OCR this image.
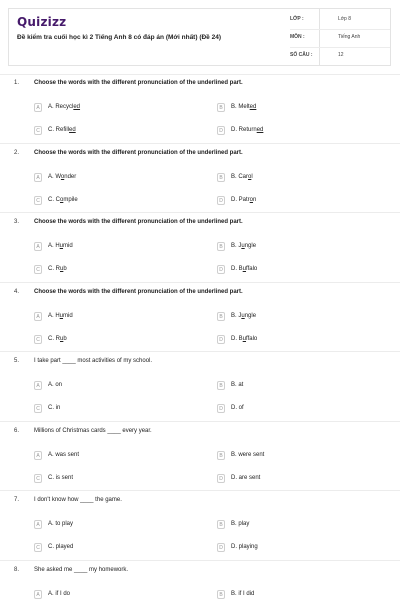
Quizizz
Đề kiểm tra cuối học kì 2 Tiếng Anh 8 có đáp án (Mới nhất) (Đề 24)
LỚP :	Lớp 8
MÔN :	Tiếng Anh
SỐ CÂU :	12
1. Choose the words with the different pronunciation of the underlined part.
A	A. Recycled	B	B. Melted
C	C. Refilled	D	D. Returned
2. Choose the words with the different pronunciation of the underlined part.
A	A. Wonder	B	B. Carol
C	C. Compile	D	D. Patron
3. Choose the words with the different pronunciation of the underlined part.
A	A. Humid	B	B. Jungle
C	C. Rub	D	D. Buffalo
4. Choose the words with the different pronunciation of the underlined part.
A	A. Humid	B	B. Jungle
C	C. Rub	D	D. Buffalo
5. I take part ____ most activities of my school.
A	A. on	B	B. at
C	C. in	D	D. of
6. Millions of Christmas cards ____ every year.
A	A. was sent	B	B. were sent
C	C. is sent	D	D. are sent
7. I don't know how ____ the game.
A	A. to play	B	B. play
C	C. played	D	D. playing
8. She asked me ____ my homework.
A	A. if I do	B	B. if I did
